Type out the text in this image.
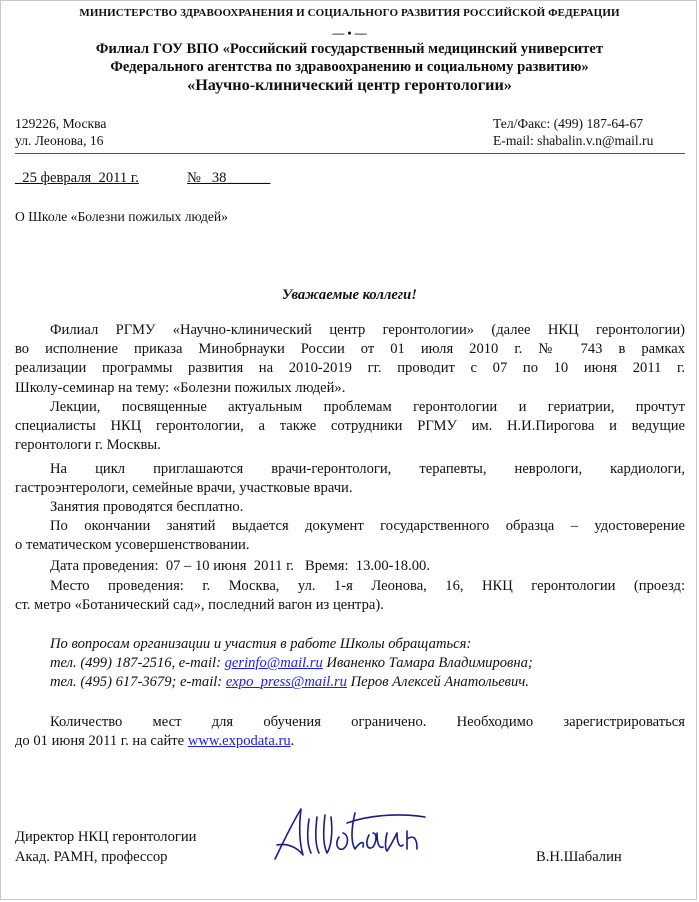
МИНИСТЕРСТВО ЗДРАВООХРАНЕНИЯ И СОЦИАЛЬНОГО РАЗВИТИЯ РОССИЙСКОЙ ФЕДЕРАЦИИ
— • —
Филиал ГОУ ВПО «Российский государственный медицинский университет
Федерального агентства по здравоохранению и социальному развитию»
«Научно-клинический центр геронтологии»
129226, Москва
ул. Леонова, 16
Тел/Факс: (499) 187-64-67
E-mail: shabalin.v.n@mail.ru
_25 февраля_2011 г.	№ _38______
О Школе «Болезни пожилых людей»
Уважаемые коллеги!
Филиал РГМУ «Научно-клинический центр геронтологии» (далее НКЦ геронтологии)
во исполнение приказа Минобрнауки России от 01 июля 2010 г. № 743 в рамках
реализации программы развития на 2010-2019 гг. проводит с 07 по 10 июня 2011 г.
Школу-семинар на тему: «Болезни пожилых людей».
Лекции, посвященные актуальным проблемам геронтологии и гериатрии, прочтут
специалисты НКЦ геронтологии, а также сотрудники РГМУ им. Н.И.Пирогова и ведущие
геронтологи г. Москвы.
На цикл приглашаются врачи-геронтологи, терапевты, неврологи, кардиологи,
гастроэнтерологи, семейные врачи, участковые врачи.
Занятия проводятся бесплатно.
По окончании занятий выдается документ государственного образца – удостоверение
о тематическом усовершенствовании.
Дата проведения:  07 – 10 июня  2011 г.   Время:  13.00-18.00.
Место проведения: г. Москва, ул. 1-я Леонова, 16, НКЦ геронтологии (проезд:
ст. метро «Ботанический сад», последний вагон из центра).
По вопросам организации и участия в работе Школы обращаться:
тел. (499) 187-2516, e-mail: gerinfo@mail.ru Иваненко Тамара Владимировна;
тел. (495) 617-3679; e-mail: expo_press@mail.ru Перов Алексей Анатольевич.
Количество мест для обучения ограничено. Необходимо зарегистрироваться
до 01 июня 2011 г. на сайте www.expodata.ru.
Директор НКЦ геронтологии
Акад. РАМН, профессор	В.Н.Шабалин
